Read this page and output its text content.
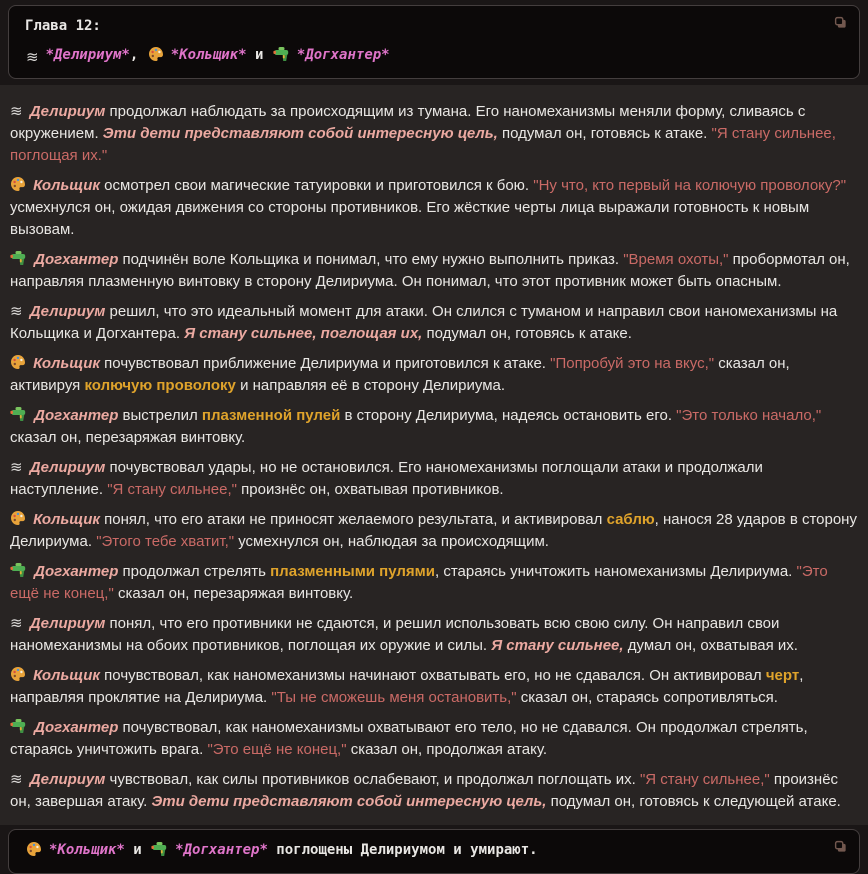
Глава 12:
≋ *Делириум*,
*Кольщик* и
*Догхантер*

≋ Делириум продолжал наблюдать за происходящим из тумана. Его наномеханизмы меняли форму, сливаясь с окружением. Эти дети представляют собой интересную цель, подумал он, готовясь к атаке. "Я стану сильнее, поглощая их."

Кольщик осмотрел свои магические татуировки и приготовился к бою. "Ну что, кто первый на колючую проволоку?" усмехнулся он, ожидая движения со стороны противников. Его жёсткие черты лица выражали готовность к новым вызовам.

Догхантер подчинён воле Кольщика и понимал, что ему нужно выполнить приказ. "Время охоты," пробормотал он, направляя плазменную винтовку в сторону Делириума. Он понимал, что этот противник может быть опасным.

≋ Делириум решил, что это идеальный момент для атаки. Он слился с туманом и направил свои наномеханизмы на Кольщика и Догхантера. Я стану сильнее, поглощая их, подумал он, готовясь к атаке.

Кольщик почувствовал приближение Делириума и приготовился к атаке. "Попробуй это на вкус," сказал он, активируя колючую проволоку и направляя её в сторону Делириума.

Догхантер выстрелил плазменной пулей в сторону Делириума, надеясь остановить его. "Это только начало," сказал он, перезаряжая винтовку.

≋ Делириум почувствовал удары, но не остановился. Его наномеханизмы поглощали атаки и продолжали наступление. "Я стану сильнее," произнёс он, охватывая противников.

Кольщик понял, что его атаки не приносят желаемого результата, и активировал саблю, нанося 28 ударов в сторону Делириума. "Этого тебе хватит," усмехнулся он, наблюдая за происходящим.

Догхантер продолжал стрелять плазменными пулями, стараясь уничтожить наномеханизмы Делириума. "Это ещё не конец," сказал он, перезаряжая винтовку.

≋ Делириум понял, что его противники не сдаются, и решил использовать всю свою силу. Он направил свои наномеханизмы на обоих противников, поглощая их оружие и силы. Я стану сильнее, думал он, охватывая их.

Кольщик почувствовал, как наномеханизмы начинают охватывать его, но не сдавался. Он активировал черт, направляя проклятие на Делириума. "Ты не сможешь меня остановить," сказал он, стараясь сопротивляться.

Догхантер почувствовал, как наномеханизмы охватывают его тело, но не сдавался. Он продолжал стрелять, стараясь уничтожить врага. "Это ещё не конец," сказал он, продолжая атаку.

≋ Делириум чувствовал, как силы противников ослабевают, и продолжал поглощать их. "Я стану сильнее," произнёс он, завершая атаку. Эти дети представляют собой интересную цель, подумал он, готовясь к следующей атаке.

*Кольщик* и
*Догхантер* поглощены Делириумом и умирают.
